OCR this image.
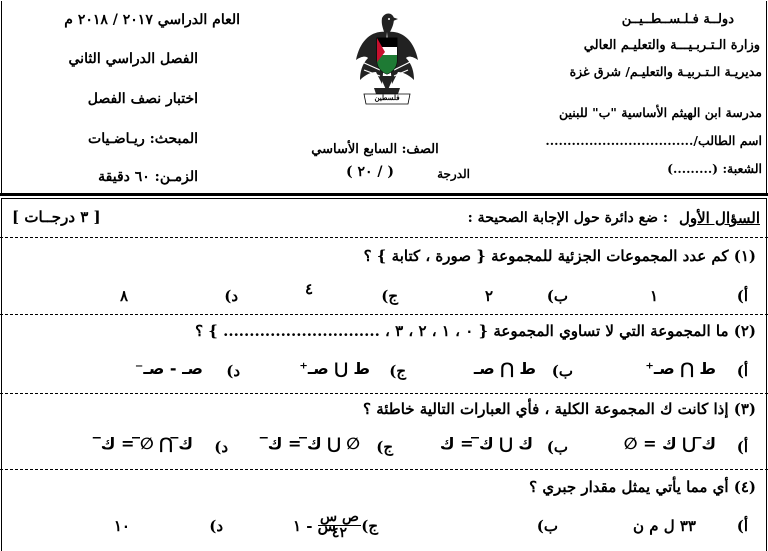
دولــة فـلـســطــيــن
وزارة الـتـربـيـــة والتعليـم العالي
مديريـة الـتـربيـة والتعليـم/ شرق غزة
مدرسة ابن الهيثم الأساسية "ب" للبنين
اسم الطالب/..................................
الشعبة: (.........)
فلسطين
الصف: السابع الأساسي
الدرجة
( / ٢٠ )
العام الدراسي ٢٠١٧ / ٢٠١٨ م
الفصل الدراسي الثاني
اختبار نصف الفصل
المبحث: ريـاضـيات
الزمـن: ٦٠ دقيقة
السؤال الأول
: ضع دائرة حول الإجابة الصحيحة :
[ ٣ درجــات ]
(١) كم عدد المجموعات الجزئية للمجموعة { صورة ، كتابة } ؟
أ)
١
ب)
٢
ج)
٤
د)
٨
(٢) ما المجموعة التي لا تساوي المجموعة { ٠ ، ١ ، ٢ ، ٣ ، .............................. } ؟
أ)
ط ⋂ صـ⁺
ب)
ط ⋂ صـ
ج)
ط ⋃ صـ⁺
د)
صـ - صـ⁻
(٣) إذا كانت ك المجموعة الكلية ، فأي العبارات التالية خاطئة ؟
أ)
ك̅ ⋃ ك = ∅
ب)
ك ⋃ ك̅ = ك
ج)
∅ ⋃ ك̅ = ك̅
د)
ك̅ ⋂ ∅̅ = ك̅
(٤) أي مما يأتي يمثل مقدار جبري ؟
أ)
٣٣ ل م ن
ب)
ص س
٤٢ ج)
س - ١
د)
١٠
